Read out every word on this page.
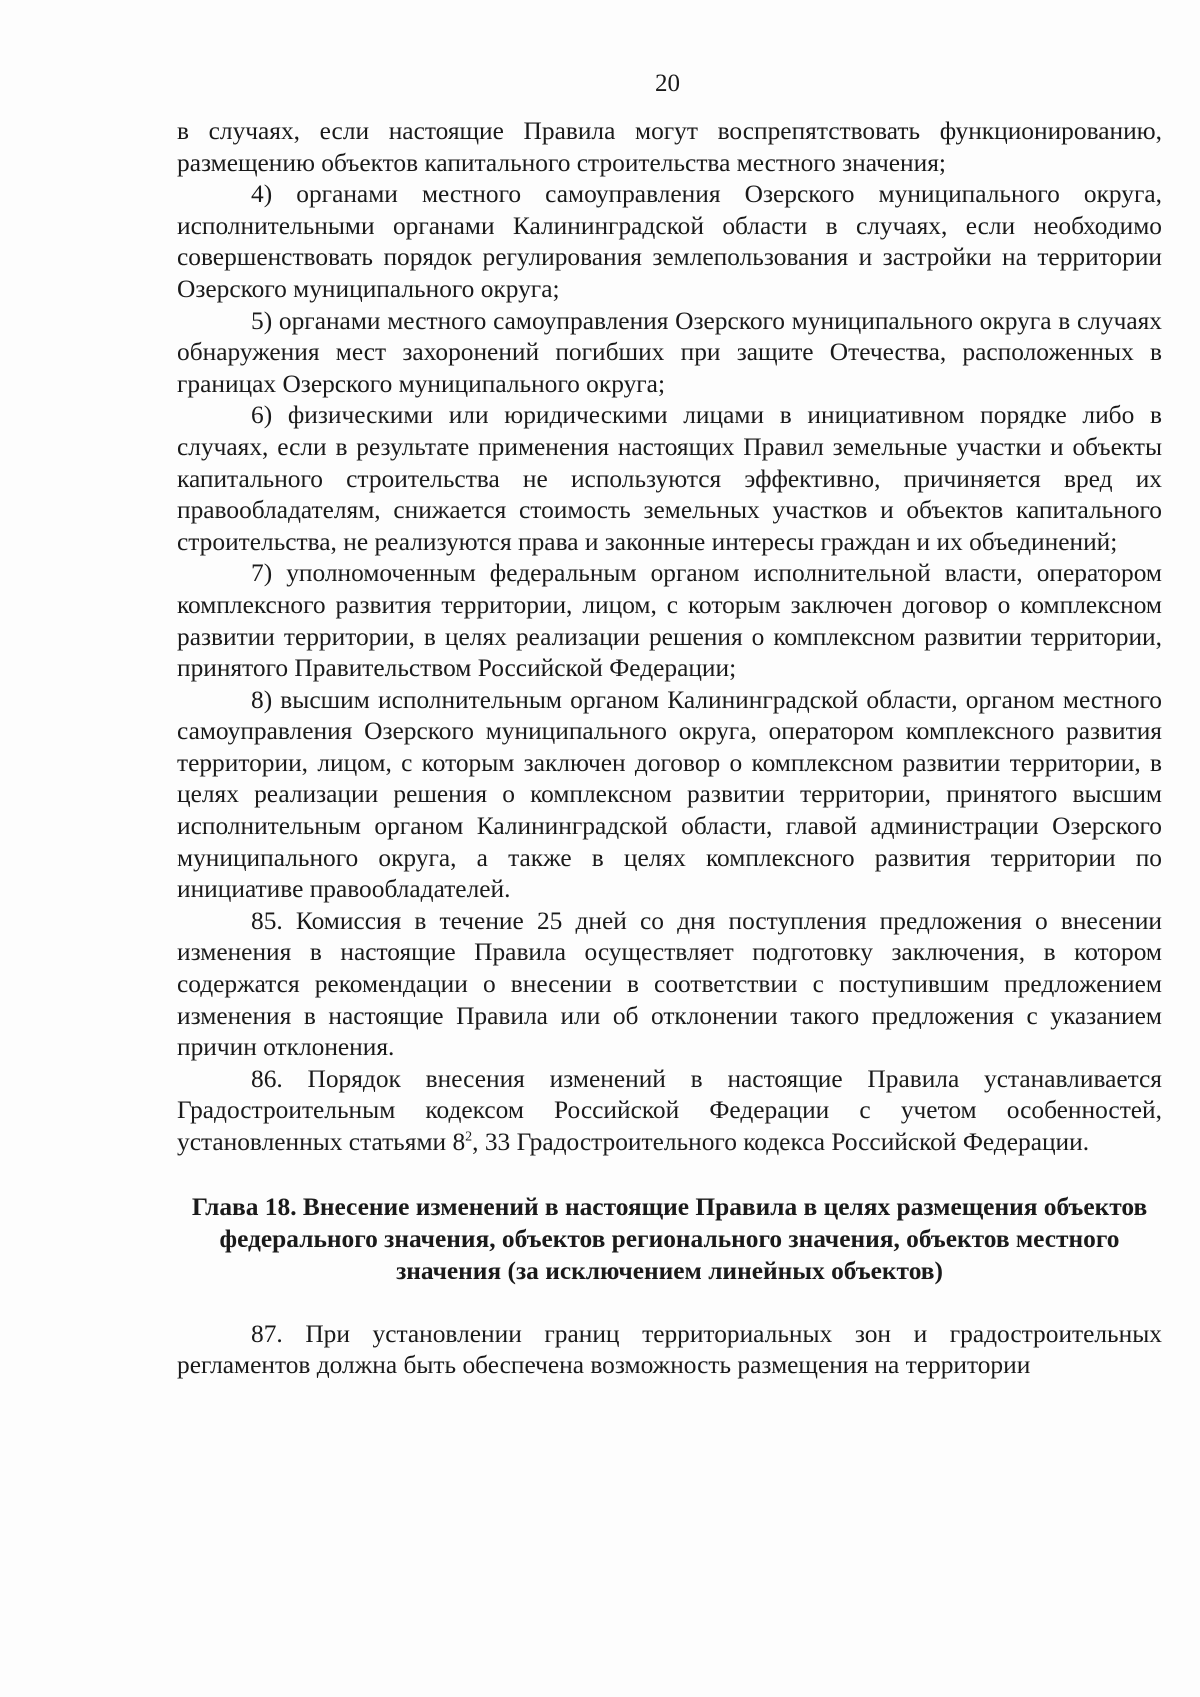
20

в случаях, если настоящие Правила могут воспрепятствовать функционированию, размещению объектов капитального строительства местного значения;

4) органами местного самоуправления Озерского муниципального округа, исполнительными органами Калининградской области в случаях, если необходимо совершенствовать порядок регулирования землепользования и застройки на территории Озерского муниципального округа;

5) органами местного самоуправления Озерского муниципального округа в случаях обнаружения мест захоронений погибших при защите Отечества, расположенных в границах Озерского муниципального округа;

6) физическими или юридическими лицами в инициативном порядке либо в случаях, если в результате применения настоящих Правил земельные участки и объекты капитального строительства не используются эффективно, причиняется вред их правообладателям, снижается стоимость земельных участков и объектов капитального строительства, не реализуются права и законные интересы граждан и их объединений;

7) уполномоченным федеральным органом исполнительной власти, оператором комплексного развития территории, лицом, с которым заключен договор о комплексном развитии территории, в целях реализации решения о комплексном развитии территории, принятого Правительством Российской Федерации;

8) высшим исполнительным органом Калининградской области, органом местного самоуправления Озерского муниципального округа, оператором комплексного развития территории, лицом, с которым заключен договор о комплексном развитии территории, в целях реализации решения о комплексном развитии территории, принятого высшим исполнительным органом Калининградской области, главой администрации Озерского муниципального округа, а также в целях комплексного развития территории по инициативе правообладателей.

85. Комиссия в течение 25 дней со дня поступления предложения о внесении изменения в настоящие Правила осуществляет подготовку заключения, в котором содержатся рекомендации о внесении в соответствии с поступившим предложением изменения в настоящие Правила или об отклонении такого предложения с указанием причин отклонения.

86. Порядок внесения изменений в настоящие Правила устанавливается Градостроительным кодексом Российской Федерации с учетом особенностей, установленных статьями $8^2$, 33 Градостроительного кодекса Российской Федерации.

Глава 18. Внесение изменений в настоящие Правила в целях размещения объектов федерального значения, объектов регионального значения, объектов местного значения (за исключением линейных объектов)

87. При установлении границ территориальных зон и градостроительных регламентов должна быть обеспечена возможность размещения на территории
